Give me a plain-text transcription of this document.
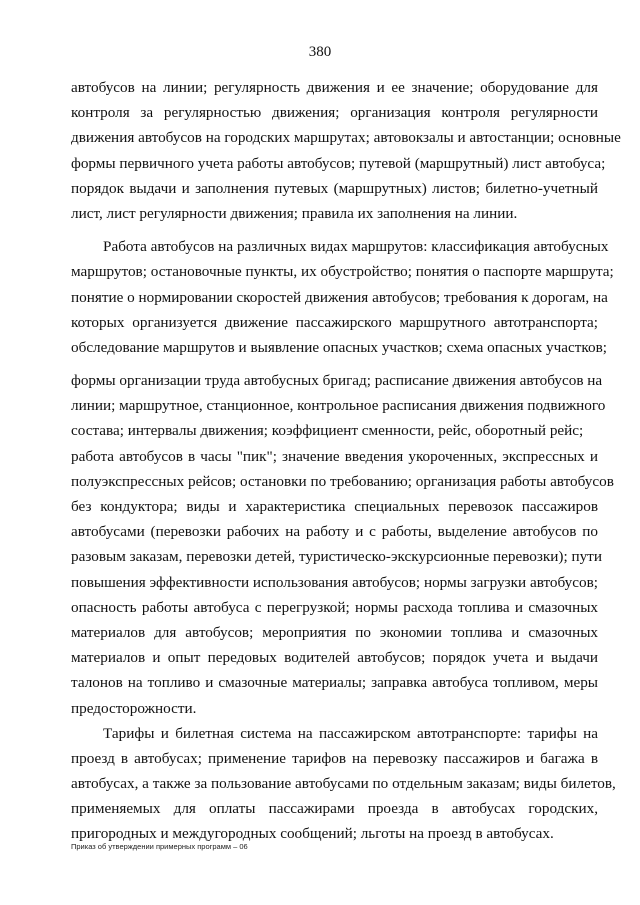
380
автобусов на линии; регулярность движения и ее значение; оборудование для
контроля за регулярностью движения; организация контроля регулярности
движения автобусов на городских маршрутах; автовокзалы и автостанции; основные
формы первичного учета работы автобусов; путевой (маршрутный) лист автобуса;
порядок выдачи и заполнения путевых (маршрутных) листов; билетно-учетный
лист, лист регулярности движения; правила их заполнения на линии.
Работа автобусов на различных видах маршрутов: классификация автобусных
маршрутов; остановочные пункты, их обустройство; понятия о паспорте маршрута;
понятие о нормировании скоростей движения автобусов; требования к дорогам, на
которых организуется движение пассажирского маршрутного автотранспорта;
обследование маршрутов и выявление опасных участков; схема опасных участков;
формы организации труда автобусных бригад; расписание движения автобусов на
линии; маршрутное, станционное, контрольное расписания движения подвижного
состава; интервалы движения; коэффициент сменности, рейс, оборотный рейс;
работа автобусов в часы "пик"; значение введения укороченных, экспрессных и
полуэкспрессных рейсов; остановки по требованию; организация работы автобусов
без кондуктора; виды и характеристика специальных перевозок пассажиров
автобусами (перевозки рабочих на работу и с работы, выделение автобусов по
разовым заказам, перевозки детей, туристическо-экскурсионные перевозки); пути
повышения эффективности использования автобусов; нормы загрузки автобусов;
опасность работы автобуса с перегрузкой; нормы расхода топлива и смазочных
материалов для автобусов; мероприятия по экономии топлива и смазочных
материалов и опыт передовых водителей автобусов; порядок учета и выдачи
талонов на топливо и смазочные материалы; заправка автобуса топливом, меры
предосторожности.
Тарифы и билетная система на пассажирском автотранспорте: тарифы на
проезд в автобусах; применение тарифов на перевозку пассажиров и багажа в
автобусах, а также за пользование автобусами по отдельным заказам; виды билетов,
применяемых для оплаты пассажирами проезда в автобусах городских,
пригородных и междугородных сообщений; льготы на проезд в автобусах.
Приказ об утверждении примерных программ – 06
